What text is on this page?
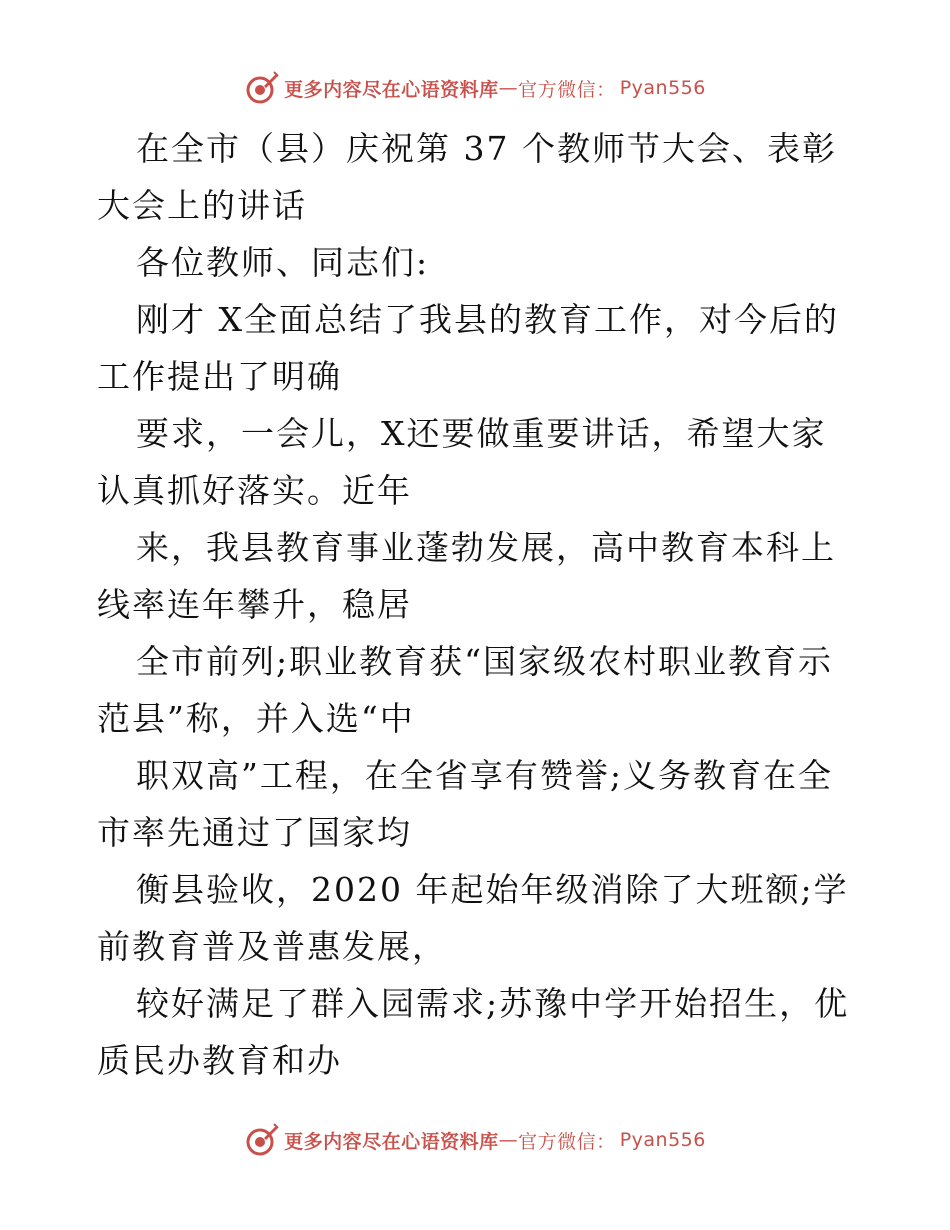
更多内容尽在心语资料库 — 官方微信： Pyan556

在全市（县）庆祝第 37 个教师节大会、表彰大会上的讲话

各位教师、同志们:

刚才 X全面总结了我县的教育工作，对今后的工作提出了明确

要求，一会儿，X还要做重要讲话，希望大家认真抓好落实。近年

来，我县教育事业蓬勃发展，高中教育本科上线率连年攀升，稳居

全市前列;职业教育获“国家级农村职业教育示范县”称，并入选“中

职双高”工程，在全省享有赞誉;义务教育在全市率先通过了国家均

衡县验收，2020 年起始年级消除了大班额;学前教育普及普惠发展，

较好满足了群入园需求;苏豫中学开始招生，优质民办教育和办

更多内容尽在心语资料库 — 官方微信： Pyan556
